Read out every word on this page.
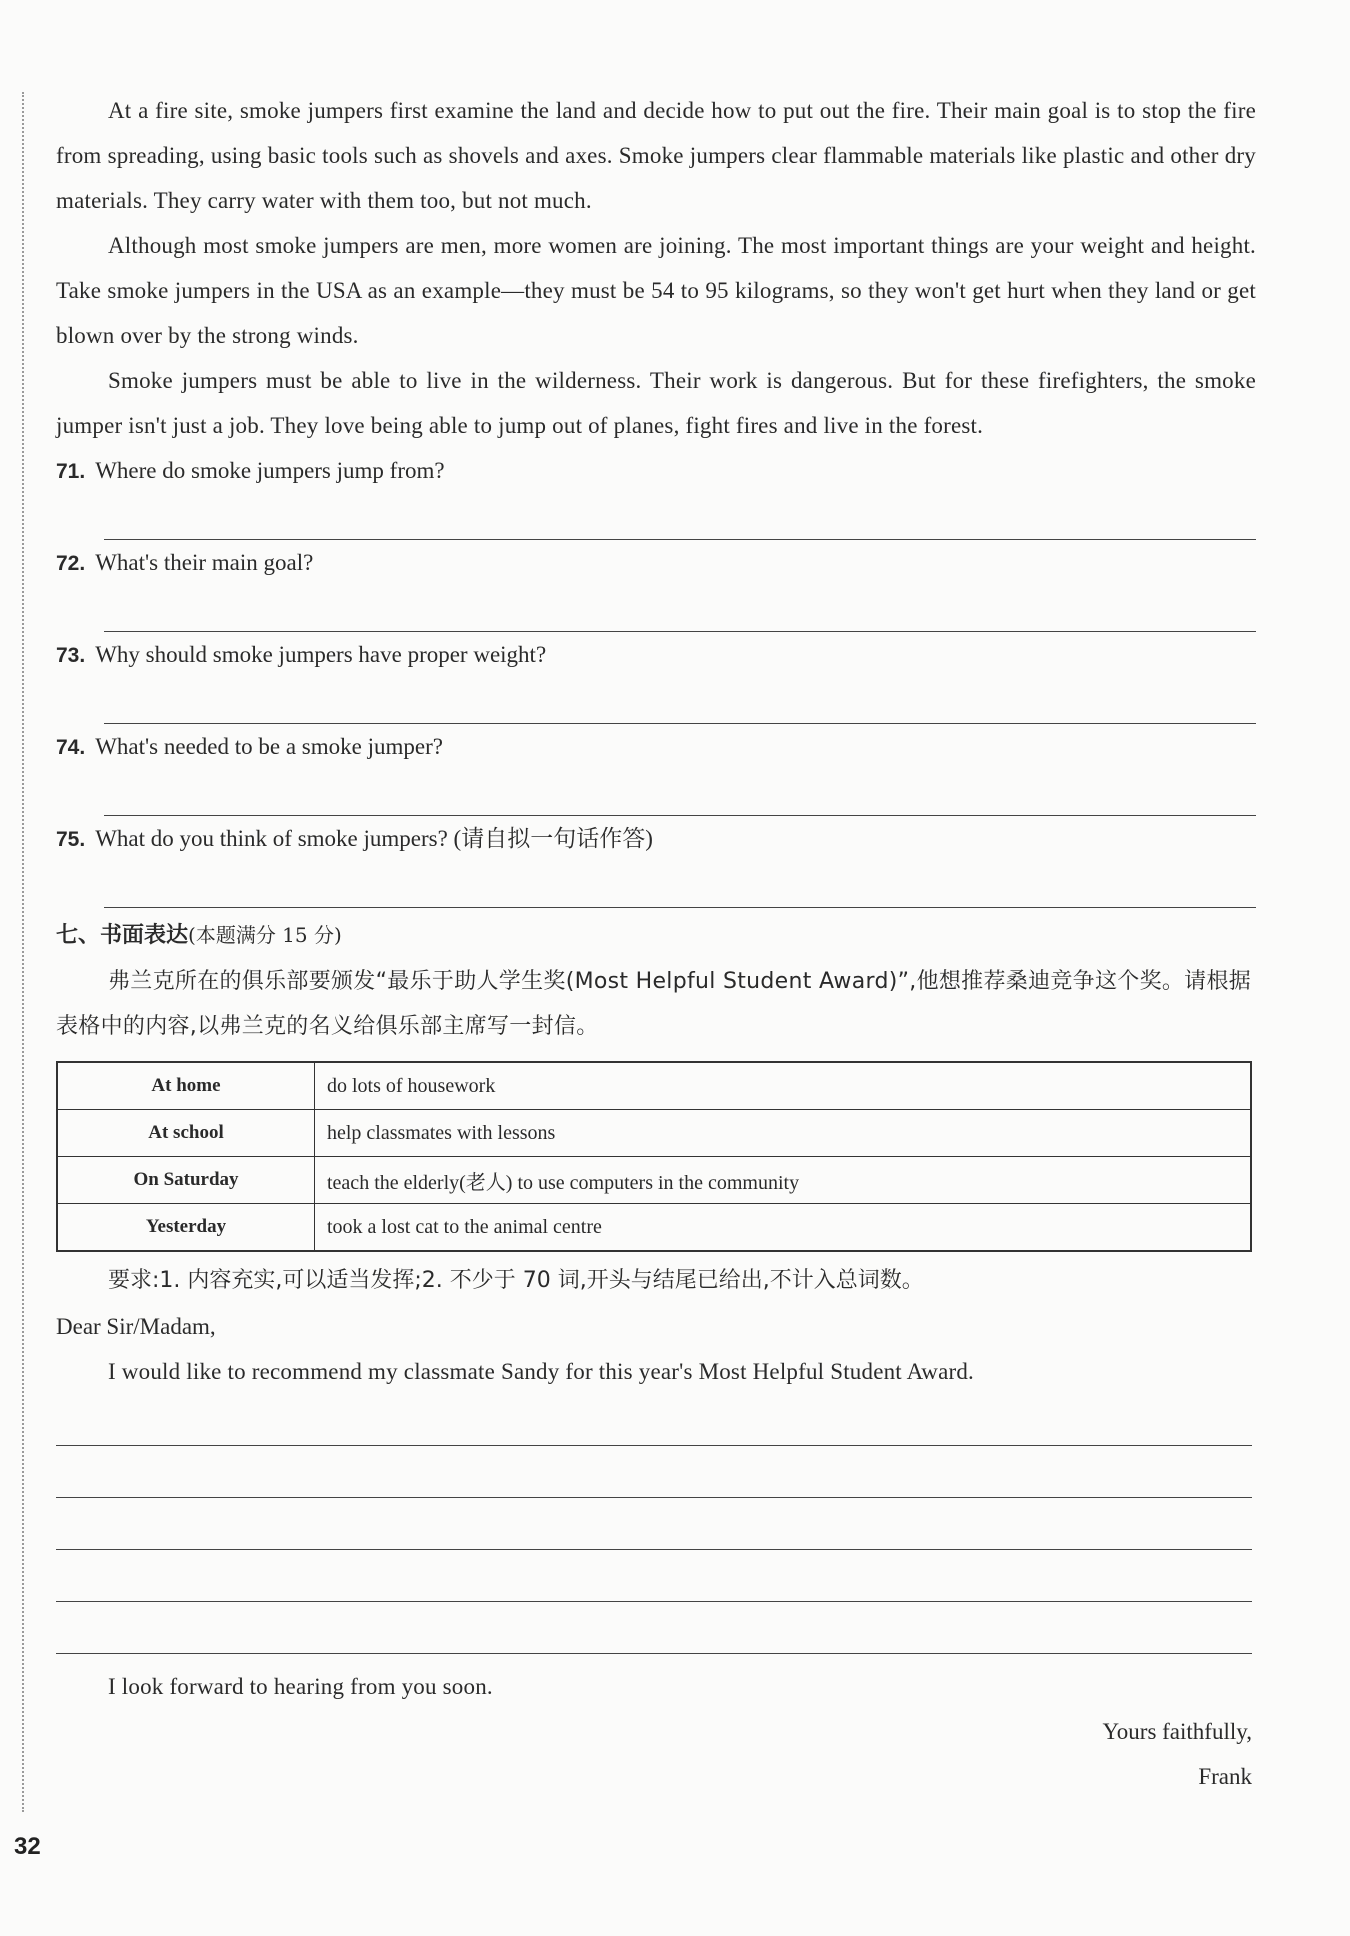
At a fire site, smoke jumpers first examine the land and decide how to put out the fire. Their main goal is to stop the fire from spreading, using basic tools such as shovels and axes. Smoke jumpers clear flammable materials like plastic and other dry materials. They carry water with them too, but not much.

Although most smoke jumpers are men, more women are joining. The most important things are your weight and height. Take smoke jumpers in the USA as an example—they must be 54 to 95 kilograms, so they won't get hurt when they land or get blown over by the strong winds.

Smoke jumpers must be able to live in the wilderness. Their work is dangerous. But for these firefighters, the smoke jumper isn't just a job. They love being able to jump out of planes, fight fires and live in the forest.

71. Where do smoke jumpers jump from?

72. What's their main goal?

73. Why should smoke jumpers have proper weight?

74. What's needed to be a smoke jumper?

75. What do you think of smoke jumpers? (请自拟一句话作答)

七、书面表达(本题满分 15 分)

弗兰克所在的俱乐部要颁发“最乐于助人学生奖(Most Helpful Student Award)”,他想推荐桑迪竞争这个奖。请根据表格中的内容,以弗兰克的名义给俱乐部主席写一封信。

At home	do lots of housework
At school	help classmates with lessons
On Saturday	teach the elderly(老人) to use computers in the community
Yesterday	took a lost cat to the animal centre

要求:1. 内容充实,可以适当发挥;2. 不少于 70 词,开头与结尾已给出,不计入总词数。

Dear Sir/Madam,

I would like to recommend my classmate Sandy for this year's Most Helpful Student Award.

I look forward to hearing from you soon.

Yours faithfully,

Frank

32
